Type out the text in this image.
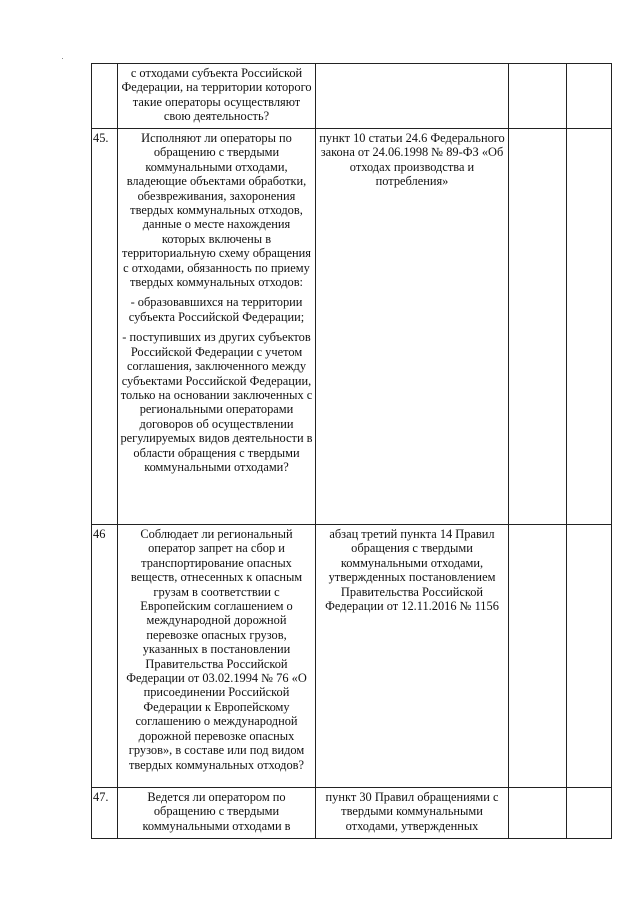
	с отходами субъекта Российской Федерации, на территории которого такие операторы осуществляют свою деятельность?			

45.	Исполняют ли операторы по обращению с твердыми коммунальными отходами, владеющие объектами обработки, обезвреживания, захоронения твердых коммунальных отходов, данные о месте нахождения которых включены в территориальную схему обращения с отходами, обязанность по приему твердых коммунальных отходов:

- образовавшихся на территории субъекта Российской Федерации;

- поступивших из других субъектов Российской Федерации с учетом соглашения, заключенного между субъектами Российской Федерации, только на основании заключенных с региональными операторами договоров об осуществлении регулируемых видов деятельности в области обращения с твердыми коммунальными отходами?	пункт 10 статьи 24.6 Федерального закона от 24.06.1998 № 89-ФЗ «Об отходах производства и потребления»		
46	Соблюдает ли региональный оператор запрет на сбор и транспортирование опасных веществ, отнесенных к опасным грузам в соответствии с Европейским соглашением о международной дорожной перевозке опасных грузов, указанных в постановлении Правительства Российской Федерации от 03.02.1994 № 76 «О присоединении Российской Федерации к Европейскому соглашению о международной дорожной перевозке опасных грузов», в составе или под видом твердых коммунальных отходов?	абзац третий пункта 14 Правил обращения с твердыми коммунальными отходами, утвержденных постановлением Правительства Российской Федерации от 12.11.2016 № 1156		
47.	Ведется ли оператором по обращению с твердыми коммунальными отходами в	пункт 30 Правил обращениями с твердыми коммунальными отходами, утвержденных		
